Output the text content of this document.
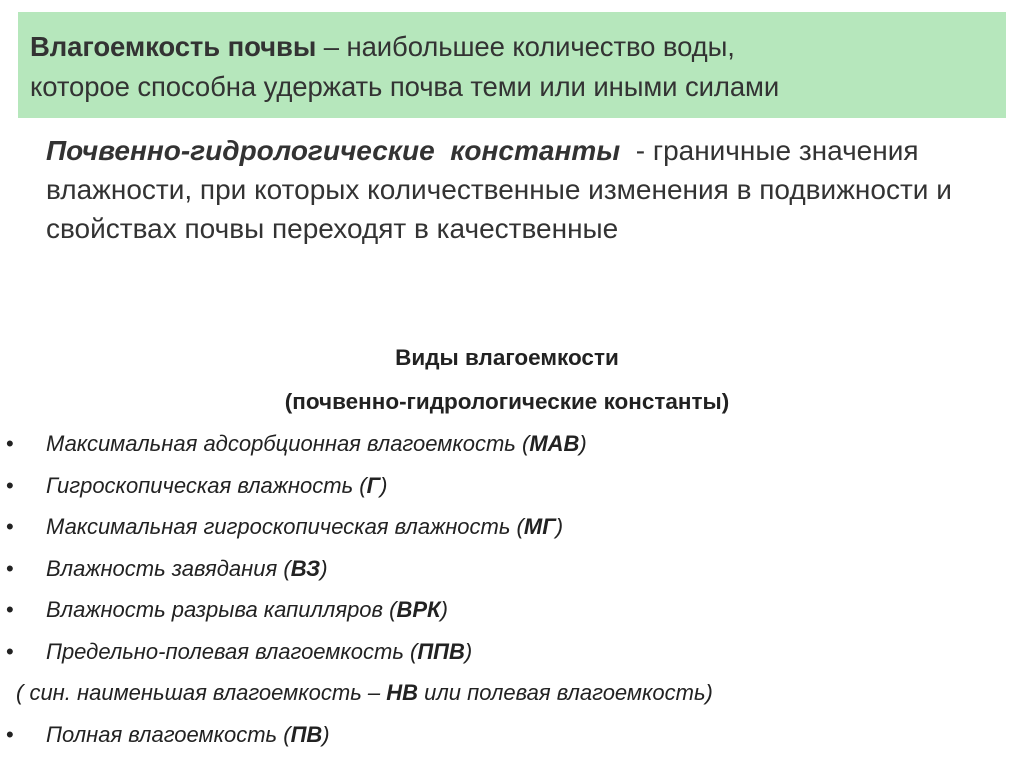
Влагоемкость почвы – наибольшее количество воды,
которое способна удержать почва теми или иными силами
Почвенно-гидрологические  константы  - граничные значения влажности, при которых количественные изменения в подвижности и свойствах почвы переходят в качественные
Виды влагоемкости
(почвенно-гидрологические константы)
• Максимальная адсорбционная влагоемкость (МАВ)
• Гигроскопическая влажность (Г)
• Максимальная гигроскопическая влажность (МГ)
• Влажность завядания (ВЗ)
• Влажность разрыва капилляров (ВРК)
• Предельно-полевая влагоемкость (ППВ)
( син. наименьшая влагоемкость – НВ или полевая влагоемкость)
• Полная влагоемкость (ПВ)
